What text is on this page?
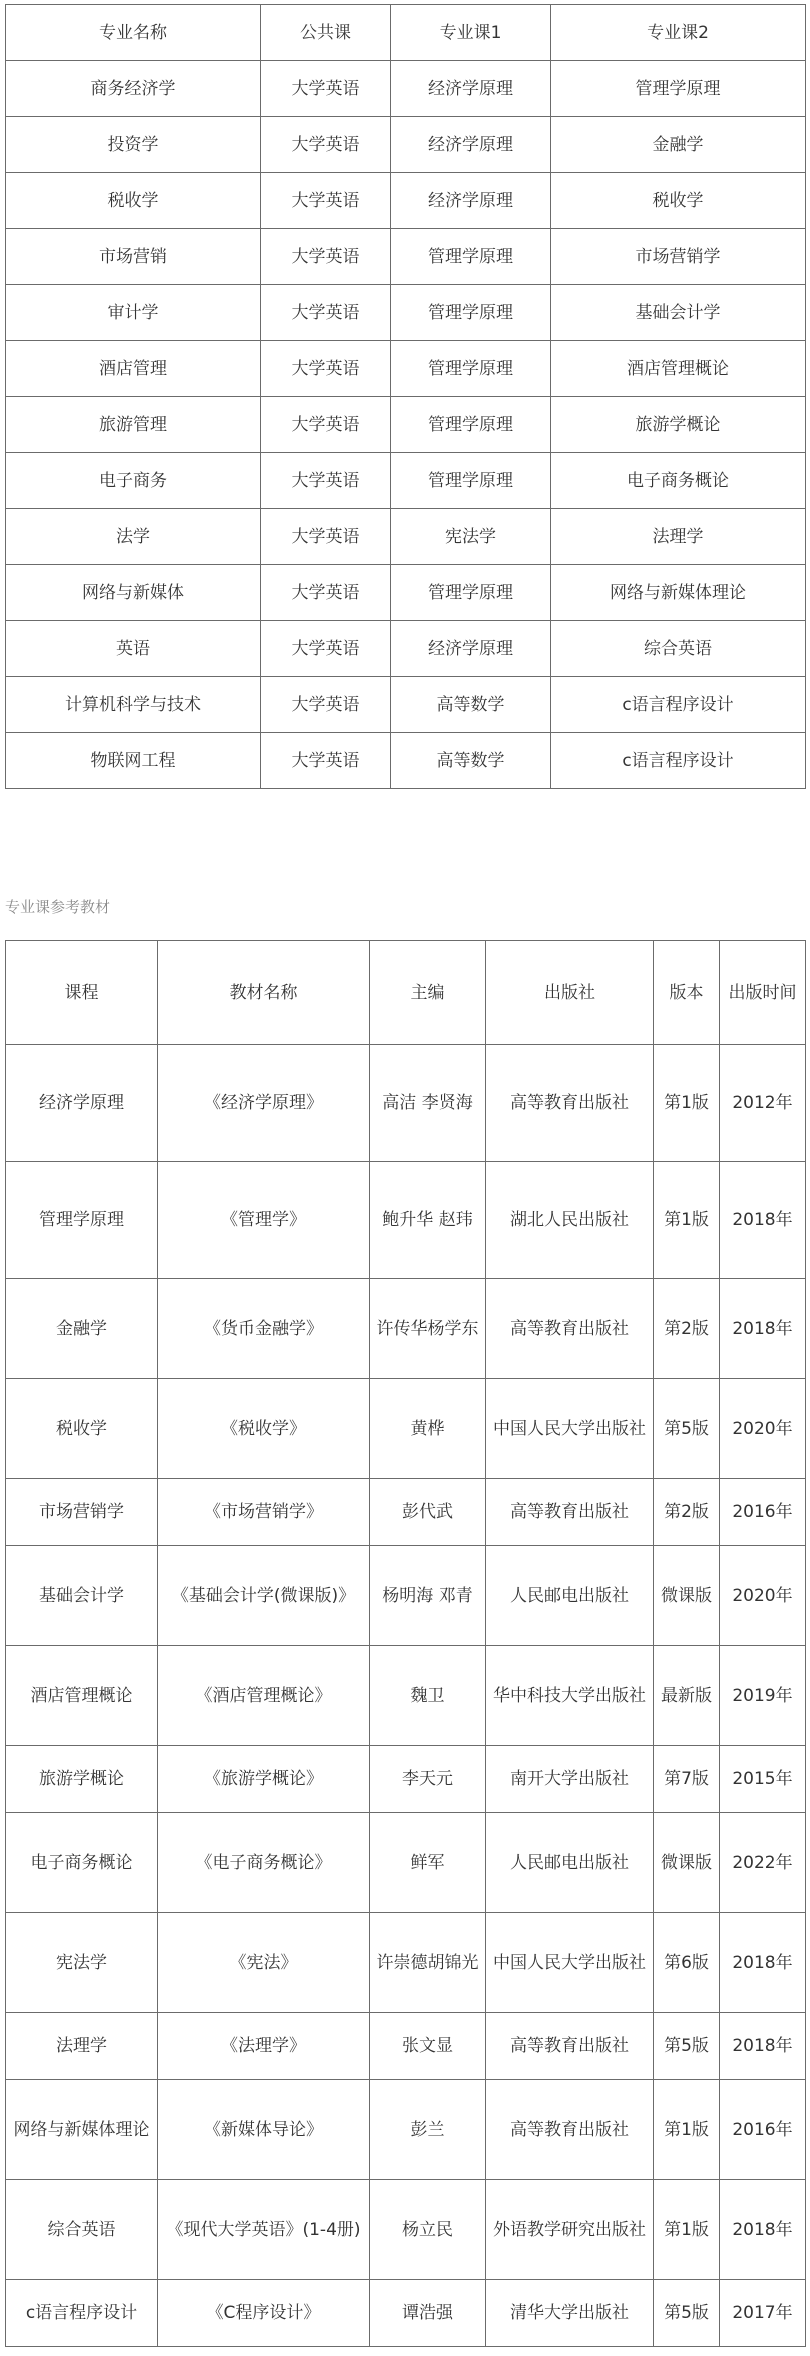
专业名称	公共课	专业课1	专业课2
商务经济学	大学英语	经济学原理	管理学原理
投资学	大学英语	经济学原理	金融学
税收学	大学英语	经济学原理	税收学
市场营销	大学英语	管理学原理	市场营销学
审计学	大学英语	管理学原理	基础会计学
酒店管理	大学英语	管理学原理	酒店管理概论
旅游管理	大学英语	管理学原理	旅游学概论
电子商务	大学英语	管理学原理	电子商务概论
法学	大学英语	宪法学	法理学
网络与新媒体	大学英语	管理学原理	网络与新媒体理论
英语	大学英语	经济学原理	综合英语
计算机科学与技术	大学英语	高等数学	c语言程序设计
物联网工程	大学英语	高等数学	c语言程序设计
专业课参考教材
课程	教材名称	主编	出版社	版本	出版时间
经济学原理	《经济学原理》	高洁 李贤海	高等教育出版社	第1版	2012年
管理学原理	《管理学》	鲍升华 赵玮	湖北人民出版社	第1版	2018年
金融学	《货币金融学》	许传华杨学东	高等教育出版社	第2版	2018年
税收学	《税收学》	黄桦	中国人民大学出版社	第5版	2020年
市场营销学	《市场营销学》	彭代武	高等教育出版社	第2版	2016年
基础会计学	《基础会计学(微课版)》	杨明海 邓青	人民邮电出版社	微课版	2020年
酒店管理概论	《酒店管理概论》	魏卫	华中科技大学出版社	最新版	2019年
旅游学概论	《旅游学概论》	李天元	南开大学出版社	第7版	2015年
电子商务概论	《电子商务概论》	鲜军	人民邮电出版社	微课版	2022年
宪法学	《宪法》	许崇德胡锦光	中国人民大学出版社	第6版	2018年
法理学	《法理学》	张文显	高等教育出版社	第5版	2018年
网络与新媒体理论	《新媒体导论》	彭兰	高等教育出版社	第1版	2016年
综合英语	《现代大学英语》(1-4册)	杨立民	外语教学研究出版社	第1版	2018年
c语言程序设计	《C程序设计》	谭浩强	清华大学出版社	第5版	2017年
